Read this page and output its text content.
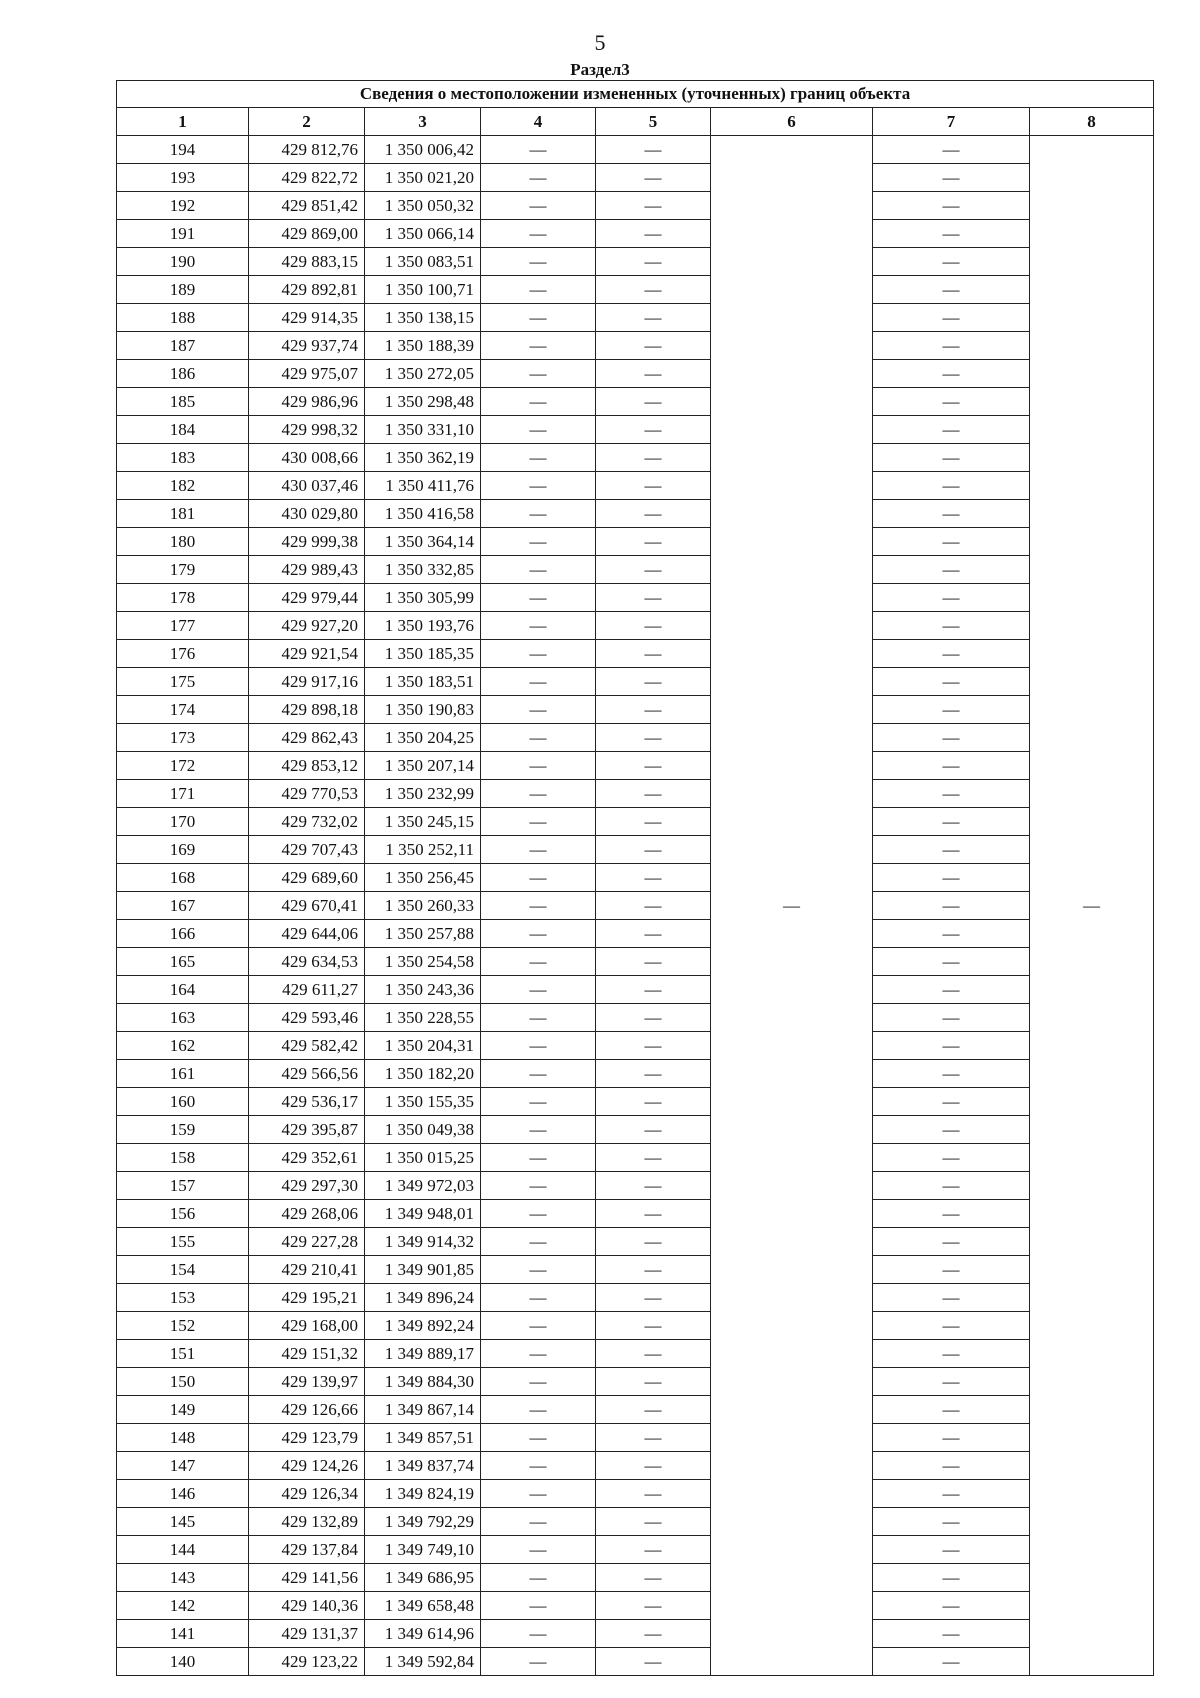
5
Раздел3
Сведения о местоположении измененных (уточненных) границ объекта							
1	2	3	4	5	6	7	8
194	429 812,76	1 350 006,42	—	—	—	—	—
193	429 822,72	1 350 021,20	—	—		—	
192	429 851,42	1 350 050,32	—	—		—	
191	429 869,00	1 350 066,14	—	—		—	
190	429 883,15	1 350 083,51	—	—		—	
189	429 892,81	1 350 100,71	—	—		—	
188	429 914,35	1 350 138,15	—	—		—	
187	429 937,74	1 350 188,39	—	—		—	
186	429 975,07	1 350 272,05	—	—		—	
185	429 986,96	1 350 298,48	—	—		—	
184	429 998,32	1 350 331,10	—	—		—	
183	430 008,66	1 350 362,19	—	—		—	
182	430 037,46	1 350 411,76	—	—		—	
181	430 029,80	1 350 416,58	—	—		—	
180	429 999,38	1 350 364,14	—	—		—	
179	429 989,43	1 350 332,85	—	—		—	
178	429 979,44	1 350 305,99	—	—		—	
177	429 927,20	1 350 193,76	—	—		—	
176	429 921,54	1 350 185,35	—	—		—	
175	429 917,16	1 350 183,51	—	—		—	
174	429 898,18	1 350 190,83	—	—		—	
173	429 862,43	1 350 204,25	—	—		—	
172	429 853,12	1 350 207,14	—	—		—	
171	429 770,53	1 350 232,99	—	—		—	
170	429 732,02	1 350 245,15	—	—		—	
169	429 707,43	1 350 252,11	—	—		—	
168	429 689,60	1 350 256,45	—	—		—	
167	429 670,41	1 350 260,33	—	—		—	
166	429 644,06	1 350 257,88	—	—		—	
165	429 634,53	1 350 254,58	—	—		—	
164	429 611,27	1 350 243,36	—	—		—	
163	429 593,46	1 350 228,55	—	—		—	
162	429 582,42	1 350 204,31	—	—		—	
161	429 566,56	1 350 182,20	—	—		—	
160	429 536,17	1 350 155,35	—	—		—	
159	429 395,87	1 350 049,38	—	—		—	
158	429 352,61	1 350 015,25	—	—		—	
157	429 297,30	1 349 972,03	—	—		—	
156	429 268,06	1 349 948,01	—	—		—	
155	429 227,28	1 349 914,32	—	—		—	
154	429 210,41	1 349 901,85	—	—		—	
153	429 195,21	1 349 896,24	—	—		—	
152	429 168,00	1 349 892,24	—	—		—	
151	429 151,32	1 349 889,17	—	—		—	
150	429 139,97	1 349 884,30	—	—		—	
149	429 126,66	1 349 867,14	—	—		—	
148	429 123,79	1 349 857,51	—	—		—	
147	429 124,26	1 349 837,74	—	—		—	
146	429 126,34	1 349 824,19	—	—		—	
145	429 132,89	1 349 792,29	—	—		—	
144	429 137,84	1 349 749,10	—	—		—	
143	429 141,56	1 349 686,95	—	—		—	
142	429 140,36	1 349 658,48	—	—		—	
141	429 131,37	1 349 614,96	—	—		—	
140	429 123,22	1 349 592,84	—	—		—	
